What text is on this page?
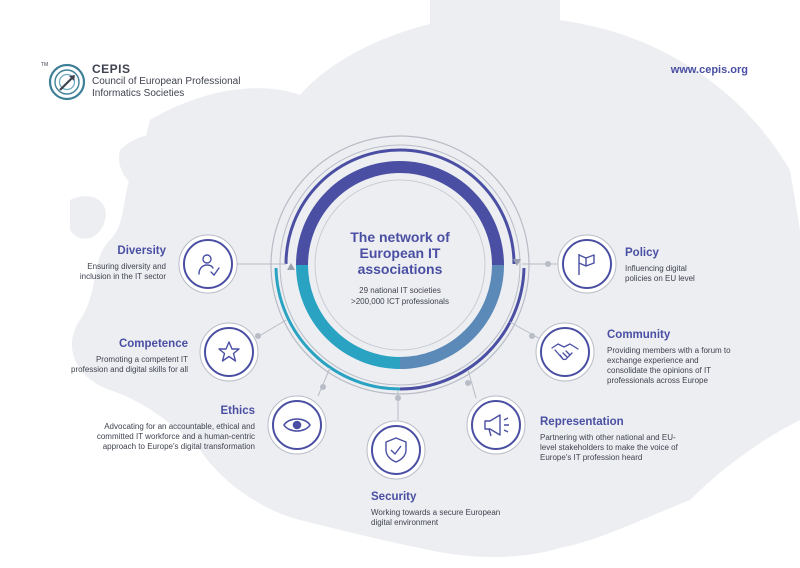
TM	CEPIS
Council of European Professional Informatics Societies
www.cepis.org
The network of European IT associations
29 national IT societies
>200,000 ICT professionals
Diversity
Ensuring diversity and inclusion in the IT sector
Competence
Promoting a competent IT profession and digital skills for all
Ethics
Advocating for an accountable, ethical and committed IT workforce and a human-centric approach to Europe's digital transformation
Security
Working towards a secure European digital environment
Representation
Partnering with other national and EU-level stakeholders to make the voice of Europe's IT profession heard
Community
Providing members with a forum to exchange experience and consolidate the opinions of IT professionals across Europe
Policy
Influencing digital policies on EU level
